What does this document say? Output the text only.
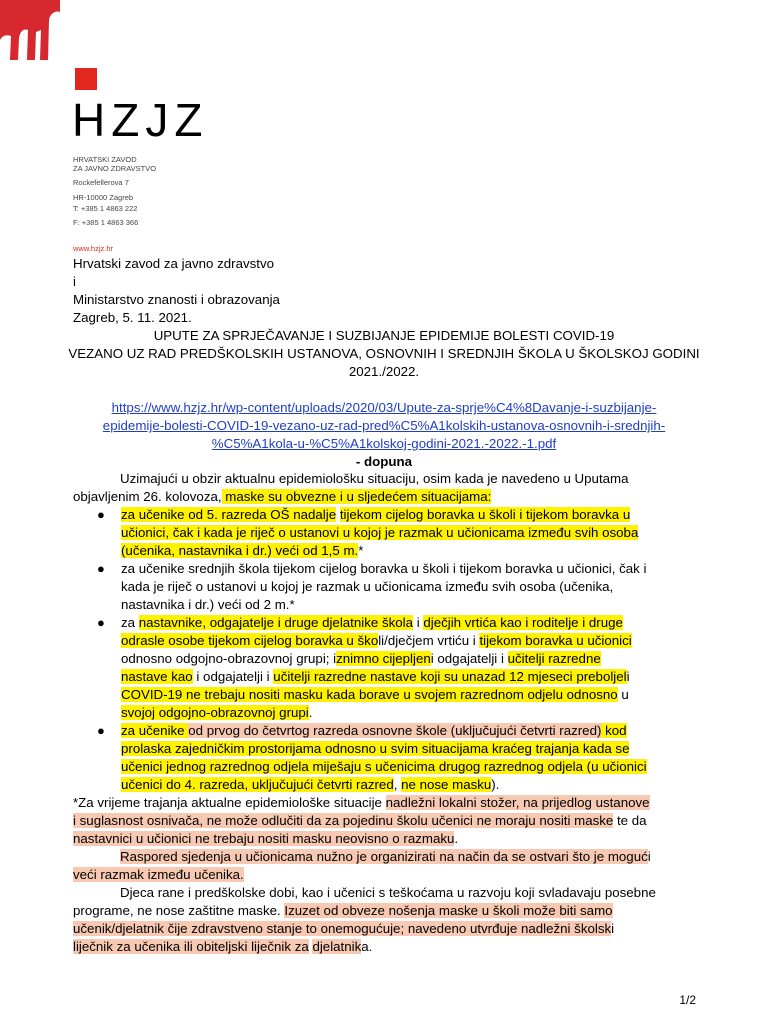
HZJZ
HRVATSKI ZAVOD
ZA JAVNO ZDRAVSTVO
Rockefellerova 7
HR-10000 Zagreb
T: +385 1 4863 222
F: +385 1 4863 366
www.hzjz.hr
Hrvatski zavod za javno zdravstvo
i
Ministarstvo znanosti i obrazovanja
Zagreb, 5. 11. 2021.
UPUTE ZA SPRJEČAVANJE I SUZBIJANJE EPIDEMIJE BOLESTI COVID-19
VEZANO UZ RAD PREDŠKOLSKIH USTANOVA, OSNOVNIH I SREDNJIH ŠKOLA U ŠKOLSKOJ GODINI
2021./2022.
https://www.hzjz.hr/wp-content/uploads/2020/03/Upute-za-sprje%C4%8Davanje-i-suzbijanje-
epidemije-bolesti-COVID-19-vezano-uz-rad-pred%C5%A1kolskih-ustanova-osnovnih-i-srednjih-
%C5%A1kola-u-%C5%A1kolskoj-godini-2021.-2022.-1.pdf
- dopuna
Uzimajući u obzir aktualnu epidemiološku situaciju, osim kada je navedeno u Uputama
objavljenim 26. kolovoza, maske su obvezne i u sljedećem situacijama:
● za učenike od 5. razreda OŠ nadalje tijekom cijelog boravka u školi i tijekom boravka u
učionici, čak i kada je riječ o ustanovi u kojoj je razmak u učionicama između svih osoba
(učenika, nastavnika i dr.) veći od 1,5 m.*
● za učenike srednjih škola tijekom cijelog boravka u školi i tijekom boravka u učionici, čak i
kada je riječ o ustanovi u kojoj je razmak u učionicama između svih osoba (učenika,
nastavnika i dr.) veći od 2 m.*
● za nastavnike, odgajatelje i druge djelatnike škola i dječjih vrtića kao i roditelje i druge
odrasle osobe tijekom cijelog boravka u školi/dječjem vrtiću i tijekom boravka u učionici
odnosno odgojno-obrazovnoj grupi; iznimno cijepljeni odgajatelji i učitelji razredne
nastave kao i odgajatelji i učitelji razredne nastave koji su unazad 12 mjeseci preboljeli
COVID-19 ne trebaju nositi masku kada borave u svojem razrednom odjelu odnosno u
svojoj odgojno-obrazovnoj grupi.
● za učenike od prvog do četvrtog razreda osnovne škole (uključujući četvrti razred) kod
prolaska zajedničkim prostorijama odnosno u svim situacijama kraćeg trajanja kada se
učenici jednog razrednog odjela miješaju s učenicima drugog razrednog odjela (u učionici
učenici do 4. razreda, uključujući četvrti razred, ne nose masku).
*Za vrijeme trajanja aktualne epidemiološke situacije nadležni lokalni stožer, na prijedlog ustanove
i suglasnost osnivača, ne može odlučiti da za pojedinu školu učenici ne moraju nositi maske te da
nastavnici u učionici ne trebaju nositi masku neovisno o razmaku.
Raspored sjedenja u učionicama nužno je organizirati na način da se ostvari što je mogući
veći razmak između učenika.
Djeca rane i predškolske dobi, kao i učenici s teškoćama u razvoju koji svladavaju posebne
programe, ne nose zaštitne maske. Izuzet od obveze nošenja maske u školi može biti samo
učenik/djelatnik čije zdravstveno stanje to onemogućuje; navedeno utvrđuje nadležni školski
liječnik za učenika ili obiteljski liječnik za djelatnika.
1/2
